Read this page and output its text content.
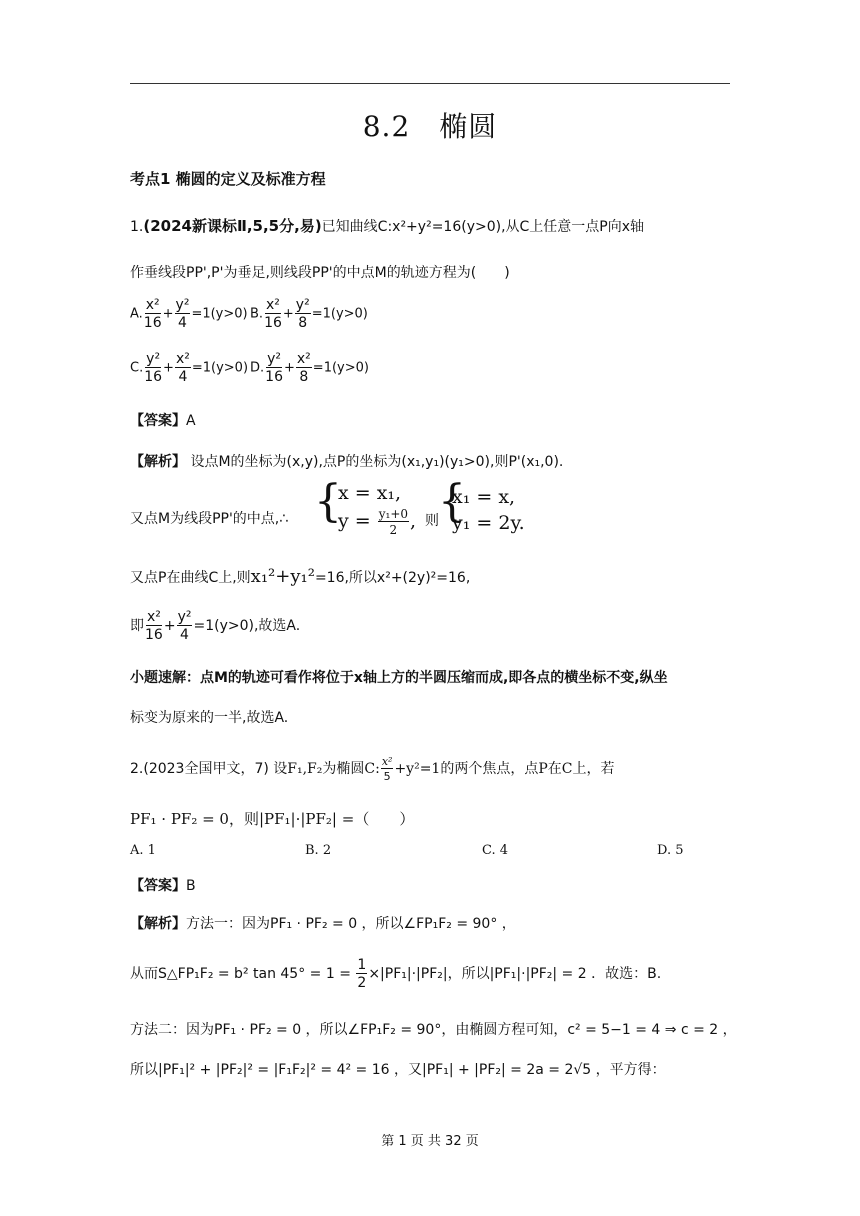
8.2　椭圆
考点1 椭圆的定义及标准方程
1.(2024新课标Ⅱ,5,5分,易)已知曲线C:x²+y²=16(y>0),从C上任意一点P向x轴
作垂线段PP',P'为垂足,则线段PP'的中点M的轨迹方程为(　　)
A. $\frac{\text{x²}}{16} + \frac{\text{y²}}{4} =1(y>0)$ B. $\frac{\text{x²}}{16} + \frac{\text{y²}}{8} =1(y>0)$
C. $\frac{\text{y²}}{16} + \frac{\text{x²}}{4} =1(y>0)$ D. $\frac{\text{y²}}{16} + \frac{\text{x²}}{8} =1(y>0)$
【答案】A
【解析】 设点M的坐标为(x,y),点P的坐标为(x₁,y₁)(y₁>0),则P'(x₁,0).
又点M为线段PP'的中点,∴ {
x = x₁,
$y = \frac{\text{y₁+0}}{2}$ , 则 {
x₁ = x,
y₁ = 2y.
又点P在曲线C上,则x₁²+y₁²=16,所以x²+(2y)²=16,
即 $\frac{\text{x²}}{16} + \frac{\text{y²}}{4} =1(y>0)$,故选A.
小题速解：点M的轨迹可看作将位于x轴上方的半圆压缩而成,即各点的横坐标不变,纵坐
标变为原来的一半,故选A.
2.(2023全国甲文，7) 设F₁,F₂为椭圆C: $\frac{\text{x²}}{5} +y^2=1$的两个焦点，点P在C上，若
PF₁ · PF₂ = 0，则|PF₁|·|PF₂| =（　　）
A. 1	B. 2	C. 4	D. 5
【答案】B
【解析】方法一：因为PF₁ · PF₂ = 0 ，所以∠FP₁F₂ = 90° ，
从而S△FP₁F₂ = b² $\tan 45^\circ = 1 = \frac{1}{2} \times|PF_1|\cdot|PF_2|$，所以|PF₁|·|PF₂| = 2 ．故选：B.
方法二：因为PF₁ · PF₂ = 0 ，所以∠FP₁F₂ = 90°，由椭圆方程可知，c² = 5−1 = 4 ⇒ c = 2 ，
所以|PF₁|² + |PF₂|² = |F₁F₂|² = 4² = 16 ，又|PF₁| + |PF₂| = 2a = 2√5 ，平方得：
第 1 页 共 32 页
